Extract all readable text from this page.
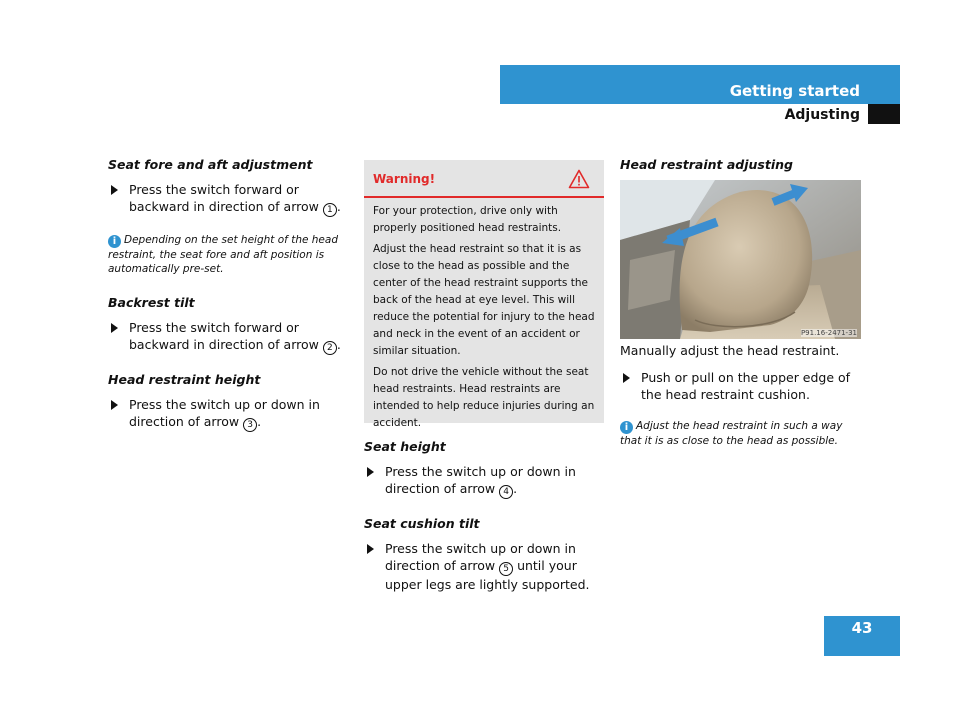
Getting started
Adjusting
Seat fore and aft adjustment
Press the switch forward or backward in direction of arrow 1 .

i Depending on the set height of the head restraint, the seat fore and aft position is automatically pre-set.

Backrest tilt
Press the switch forward or backward in direction of arrow 2 .
Head restraint height
Press the switch up or down in direction of arrow 3 .
Warning!

For your protection, drive only with properly positioned head restraints.

Adjust the head restraint so that it is as close to the head as possible and the center of the head restraint supports the back of the head at eye level. This will reduce the potential for injury to the head and neck in the event of an accident or similar situation.

Do not drive the vehicle without the seat head restraints. Head restraints are intended to help reduce injuries during an accident.

Seat height
Press the switch up or down in direction of arrow 4 .
Seat cushion tilt
Press the switch up or down in direction of arrow 5 until your upper legs are lightly supported.
Head restraint adjusting
P91.16-2471-31

Manually adjust the head restraint.

Push or pull on the upper edge of the head restraint cushion.

i Adjust the head restraint in such a way that it is as close to the head as possible.

43
